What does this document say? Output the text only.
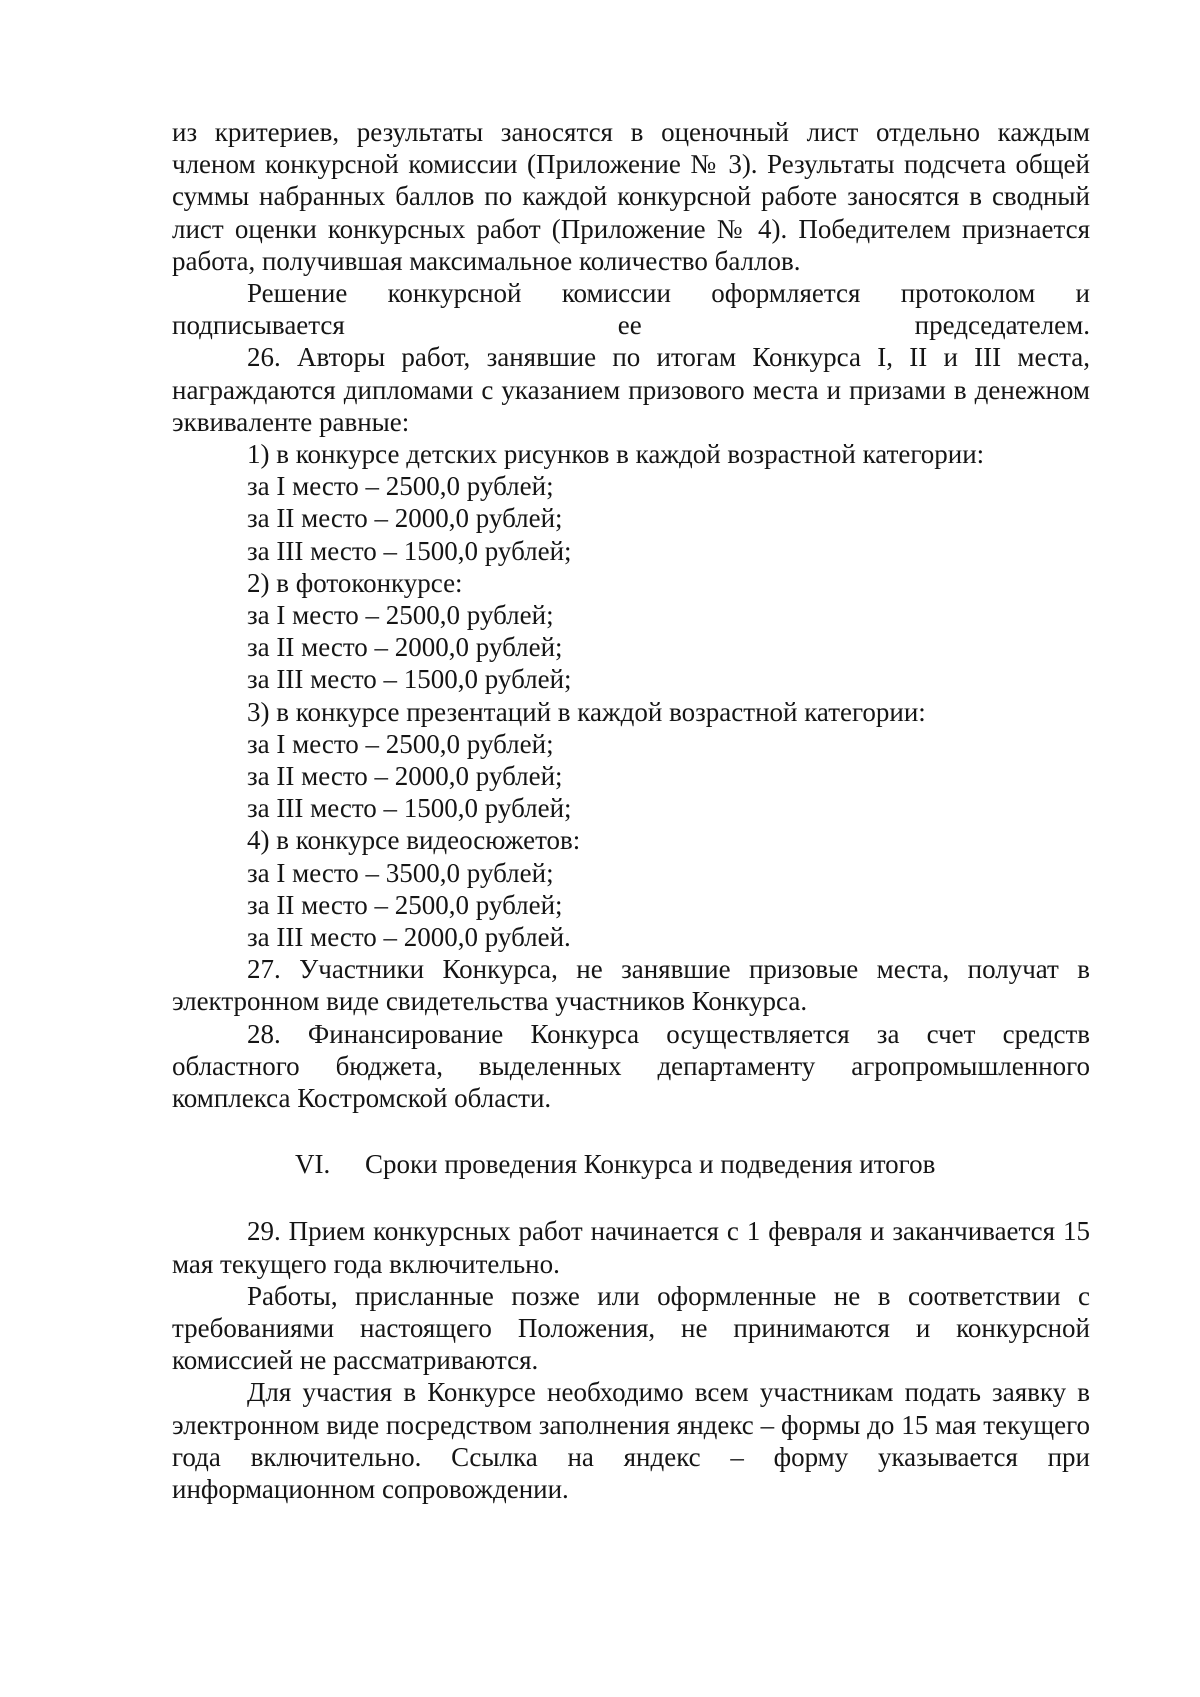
из критериев, результаты заносятся в оценочный лист отдельно каждым членом конкурсной комиссии (Приложение № 3). Результаты подсчета общей суммы набранных баллов по каждой конкурсной работе заносятся в сводный лист оценки конкурсных работ (Приложение № 4). Победителем признается работа, получившая максимальное количество баллов.

Решение конкурсной комиссии оформляется протоколом и подписывается ее председателем.

26. Авторы работ, занявшие по итогам Конкурса I, II и III места, награждаются дипломами с указанием призового места и призами в денежном эквиваленте равные:

1) в конкурсе детских рисунков в каждой возрастной категории:

за I место – 2500,0 рублей;

за II место – 2000,0 рублей;

за III место – 1500,0 рублей;

2) в фотоконкурсе:

за I место – 2500,0 рублей;

за II место – 2000,0 рублей;

за III место – 1500,0 рублей;

3) в конкурсе презентаций в каждой возрастной категории:

за I место – 2500,0 рублей;

за II место – 2000,0 рублей;

за III место – 1500,0 рублей;

4) в конкурсе видеосюжетов:

за I место – 3500,0 рублей;

за II место – 2500,0 рублей;

за III место – 2000,0 рублей.

27. Участники Конкурса, не занявшие призовые места, получат в электронном виде свидетельства участников Конкурса.

28. Финансирование Конкурса осуществляется за счет средств областного бюджета, выделенных департаменту агропромышленного комплекса Костромской области.

VI. Сроки проведения Конкурса и подведения итогов

29. Прием конкурсных работ начинается с 1 февраля и заканчивается 15 мая текущего года включительно.

Работы, присланные позже или оформленные не в соответствии с требованиями настоящего Положения, не принимаются и конкурсной комиссией не рассматриваются.

Для участия в Конкурсе необходимо всем участникам подать заявку в электронном виде посредством заполнения яндекс – формы до 15 мая текущего года включительно. Ссылка на яндекс – форму указывается при информационном сопровождении.
